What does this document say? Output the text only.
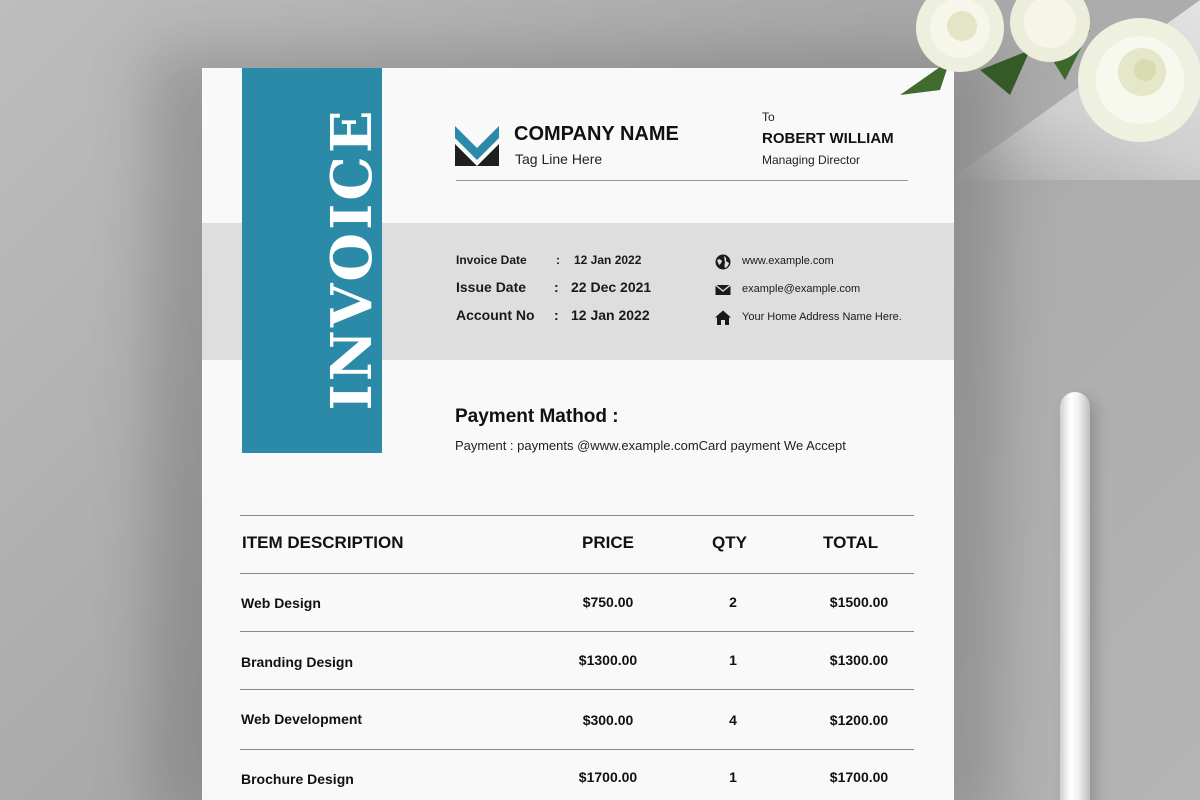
INVOICE	COMPANY NAME
Tag Line Here
To
ROBERT WILLIAM
Managing Director
Invoice Date : 12 Jan 2022
Issue Date : 22 Dec 2021
Account No : 12 Jan 2022
www.example.com
example@example.com
Your Home Address Name Here.
Payment Mathod :
Payment : payments @www.example.comCard payment We Accept
ITEM DESCRIPTION	PRICE	QTY	TOTAL
Web Design	$750.00	2	$1500.00
Branding Design	$1300.00	1	$1300.00
Web Development	$300.00	4	$1200.00
Brochure Design	$1700.00	1	$1700.00
